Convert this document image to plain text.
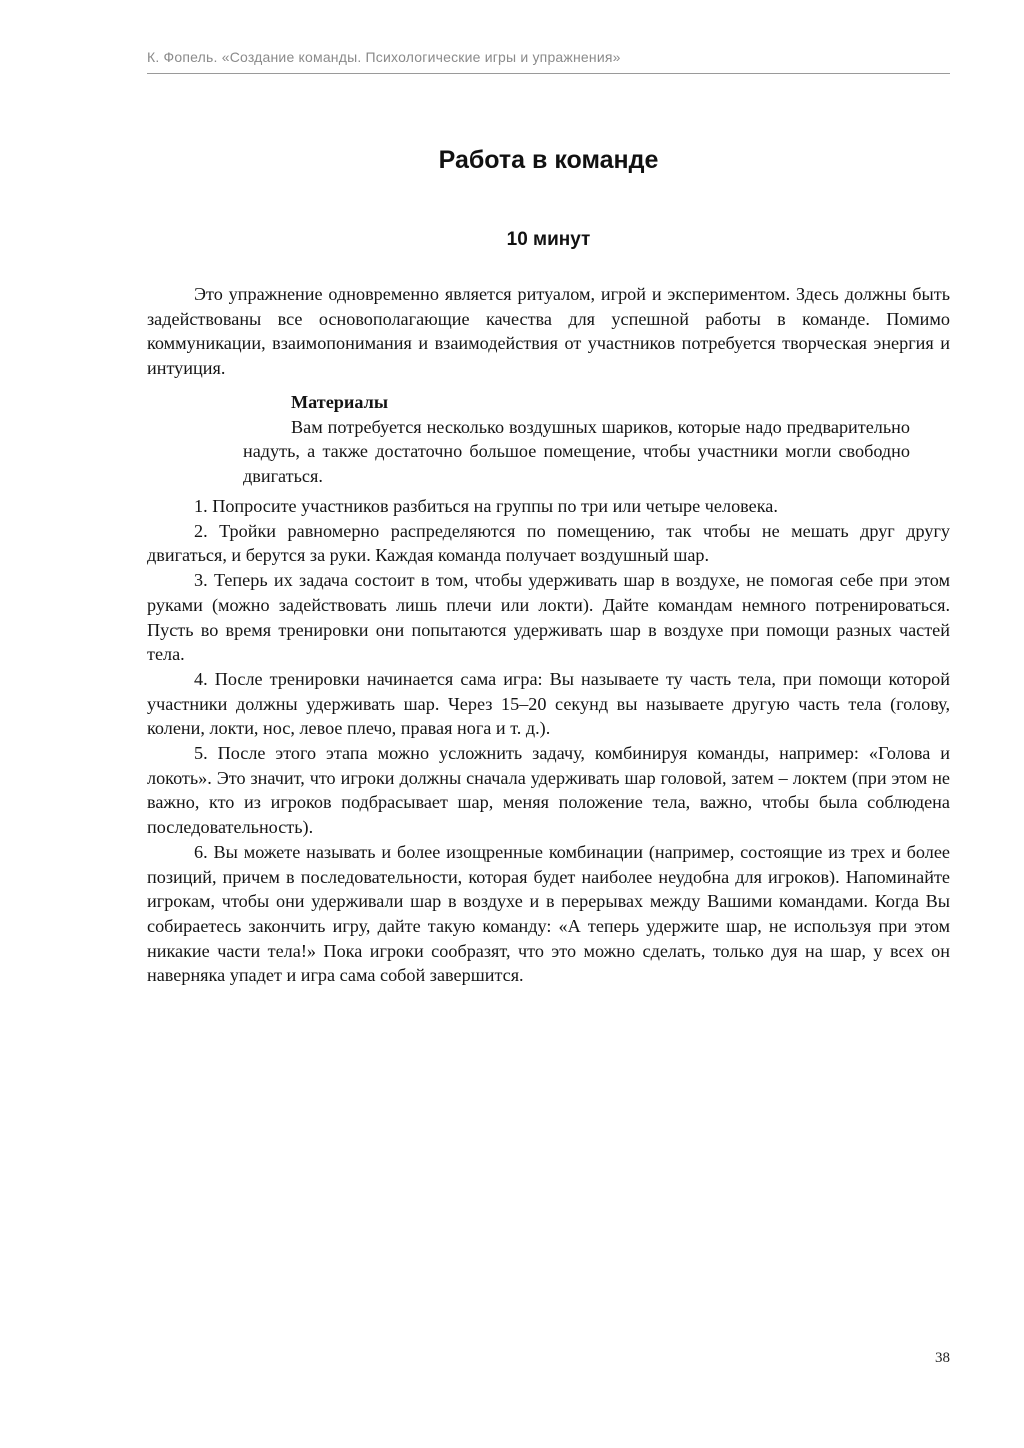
К. Фопель. «Создание команды. Психологические игры и упражнения»
Работа в команде
10 минут

Это упражнение одновременно является ритуалом, игрой и экспериментом. Здесь должны быть задействованы все основополагающие качества для успешной работы в команде. Помимо коммуникации, взаимопонимания и взаимодействия от участников потребуется творческая энергия и интуиция.

Материалы

Вам потребуется несколько воздушных шариков, которые надо предварительно надуть, а также достаточно большое помещение, чтобы участники могли свободно двигаться.

1. Попросите участников разбиться на группы по три или четыре человека.

2. Тройки равномерно распределяются по помещению, так чтобы не мешать друг другу двигаться, и берутся за руки. Каждая команда получает воздушный шар.

3. Теперь их задача состоит в том, чтобы удерживать шар в воздухе, не помогая себе при этом руками (можно задействовать лишь плечи или локти). Дайте командам немного потренироваться. Пусть во время тренировки они попытаются удерживать шар в воздухе при помощи разных частей тела.

4. После тренировки начинается сама игра: Вы называете ту часть тела, при помощи которой участники должны удерживать шар. Через 15–20 секунд вы называете другую часть тела (голову, колени, локти, нос, левое плечо, правая нога и т. д.).

5. После этого этапа можно усложнить задачу, комбинируя команды, например: «Голова и локоть». Это значит, что игроки должны сначала удерживать шар головой, затем – локтем (при этом не важно, кто из игроков подбрасывает шар, меняя положение тела, важно, чтобы была соблюдена последовательность).

6. Вы можете называть и более изощренные комбинации (например, состоящие из трех и более позиций, причем в последовательности, которая будет наиболее неудобна для игроков). Напоминайте игрокам, чтобы они удерживали шар в воздухе и в перерывах между Вашими командами. Когда Вы собираетесь закончить игру, дайте такую команду: «А теперь удержите шар, не используя при этом никакие части тела!» Пока игроки сообразят, что это можно сделать, только дуя на шар, у всех он наверняка упадет и игра сама собой завершится.

38
